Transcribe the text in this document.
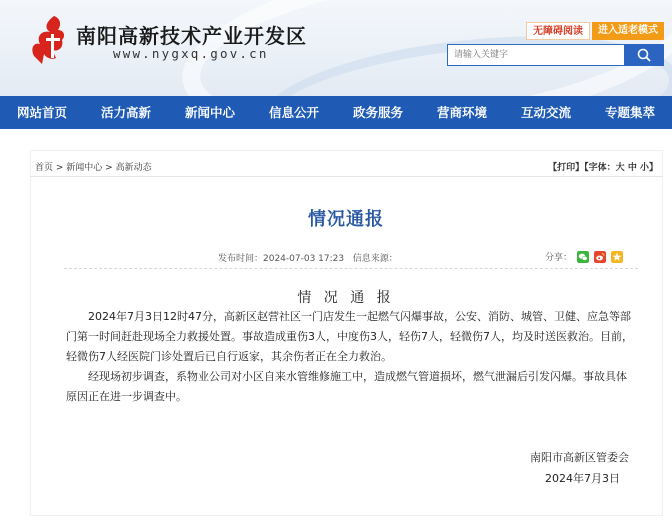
南阳高新技术产业开发区
www.nygxq.gov.cn
无障碍阅读	进入适老模式
请输入关键字
网站首页	活力高新	新闻中心	信息公开	政务服务	营商环境	互动交流	专题集萃
首页 > 新闻中心 > 高新动态	【打印】【字体：大 中 小】
情况通报
发布时间：2024-07-03 17:23 信息来源：	分享：
情 况 通 报
2024年7月3日12时47分，高新区赵营社区一门店发生一起燃气闪爆事故，公安、消防、城管、卫健、应急等部门第一时间赶赴现场全力救援处置。事故造成重伤3人，中度伤3人，轻伤7人，轻微伤7人，均及时送医救治。目前，轻微伤7人经医院门诊处置后已自行返家，其余伤者正在全力救治。
经现场初步调查，系物业公司对小区自来水管维修施工中，造成燃气管道损坏，燃气泄漏后引发闪爆。事故具体原因正在进一步调查中。
南阳市高新区管委会
2024年7月3日
